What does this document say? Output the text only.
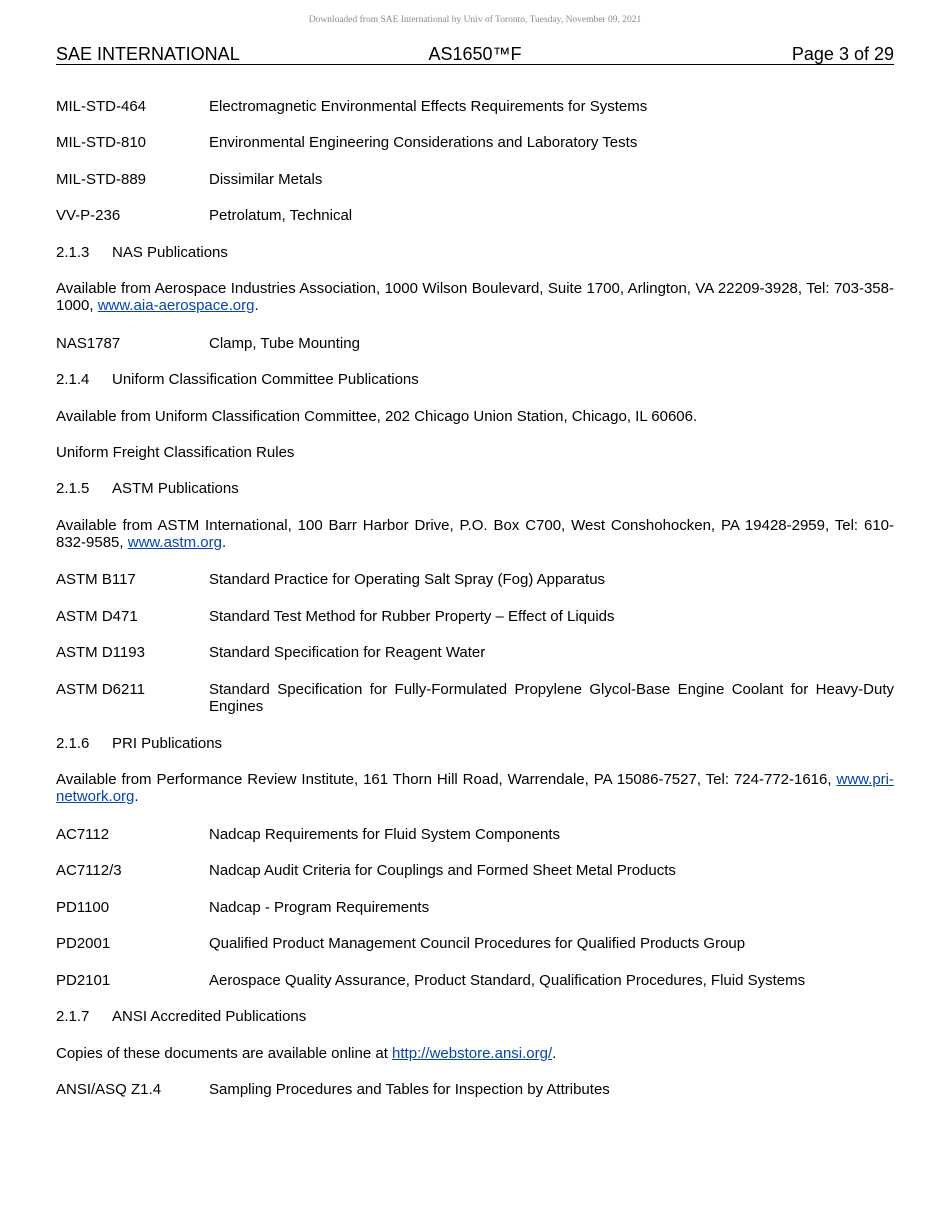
Downloaded from SAE International by Univ of Toronto, Tuesday, November 09, 2021
SAE INTERNATIONAL	AS1650™F	Page 3 of 29
MIL-STD-464	Electromagnetic Environmental Effects Requirements for Systems
MIL-STD-810	Environmental Engineering Considerations and Laboratory Tests
MIL-STD-889	Dissimilar Metals
VV-P-236	Petrolatum, Technical
2.1.3 NAS Publications
Available from Aerospace Industries Association, 1000 Wilson Boulevard, Suite 1700, Arlington, VA 22209-3928, Tel: 703-358-1000, www.aia-aerospace.org.
NAS1787	Clamp, Tube Mounting
2.1.4 Uniform Classification Committee Publications
Available from Uniform Classification Committee, 202 Chicago Union Station, Chicago, IL 60606.
Uniform Freight Classification Rules
2.1.5 ASTM Publications
Available from ASTM International, 100 Barr Harbor Drive, P.O. Box C700, West Conshohocken, PA 19428-2959, Tel: 610-832-9585, www.astm.org.
ASTM B117	Standard Practice for Operating Salt Spray (Fog) Apparatus
ASTM D471	Standard Test Method for Rubber Property – Effect of Liquids
ASTM D1193	Standard Specification for Reagent Water
ASTM D6211	Standard Specification for Fully-Formulated Propylene Glycol-Base Engine Coolant for Heavy-Duty Engines
2.1.6 PRI Publications
Available from Performance Review Institute, 161 Thorn Hill Road, Warrendale, PA 15086-7527, Tel: 724-772-1616, www.pri-network.org.
AC7112	Nadcap Requirements for Fluid System Components
AC7112/3	Nadcap Audit Criteria for Couplings and Formed Sheet Metal Products
PD1100	Nadcap - Program Requirements
PD2001	Qualified Product Management Council Procedures for Qualified Products Group
PD2101	Aerospace Quality Assurance, Product Standard, Qualification Procedures, Fluid Systems
2.1.7 ANSI Accredited Publications
Copies of these documents are available online at http://webstore.ansi.org/.
ANSI/ASQ Z1.4	Sampling Procedures and Tables for Inspection by Attributes
